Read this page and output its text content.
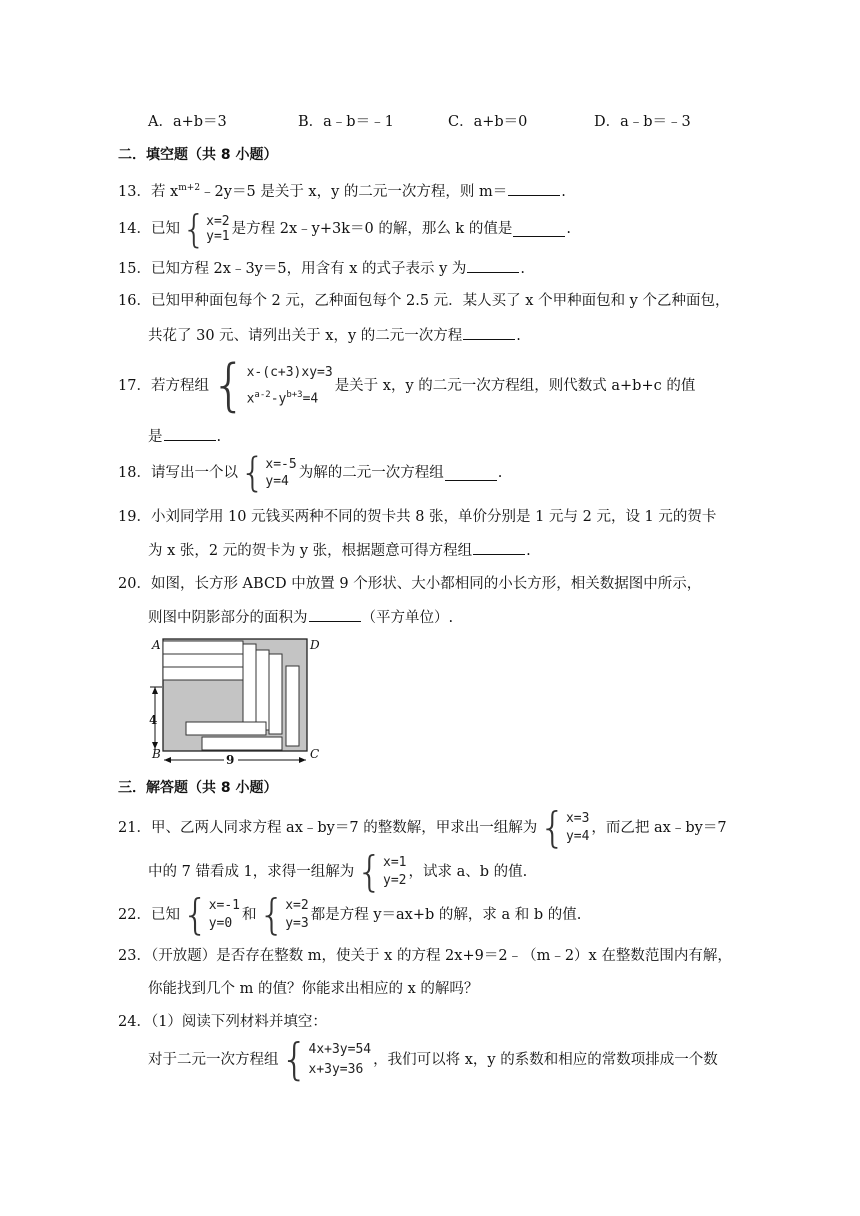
A．a+b＝3	B．a﹣b＝﹣1	C．a+b＝0	D．a﹣b＝﹣3
二．填空题（共 8 小题）
13．若 $x^{m+2}﹣2y=5$ 是关于 x，y 的二元一次方程，则 m＝	.
14．已知 { x=2
y=1 是方程 2x﹣y+3k＝0 的解，那么 k 的值是	.
15．已知方程 2x﹣3y＝5，用含有 x 的式子表示 y 为	.
16．已知甲种面包每个 2 元，乙种面包每个 2.5 元．某人买了 x 个甲种面包和 y 个乙种面包，
共花了 30 元、请列出关于 x，y 的二元一次方程	.
17．若方程组 { x-(c+3)xy=3
$x^{a-2}-y^{b+3}=4$
是关于 x，y 的二元一次方程组，则代数式 a+b+c 的值
是	.
18．请写出一个以 { x=-5
y=4
为解的二元一次方程组	.
19．小刘同学用 10 元钱买两种不同的贺卡共 8 张，单价分别是 1 元与 2 元，设 1 元的贺卡
为 x 张，2 元的贺卡为 y 张，根据题意可得方程组	.
20．如图，长方形 ABCD 中放置 9 个形状、大小都相同的小长方形，相关数据图中所示，
则图中阴影部分的面积为	（平方单位）.
4
9
A	D
B	C
三．解答题（共 8 小题）
21．甲、乙两人同求方程 ax﹣by＝7 的整数解，甲求出一组解为 { x=3
y=4
，而乙把 ax﹣by＝7
中的 7 错看成 1，求得一组解为 { x=1
y=2
，试求 a、b 的值.
22．已知 { x=-1
y=0
和 { x=2
y=3
都是方程 y＝ax+b 的解，求 a 和 b 的值.
23．（开放题）是否存在整数 m，使关于 x 的方程 2x+9＝2﹣（m﹣2）x 在整数范围内有解，
你能找到几个 m 的值？你能求出相应的 x 的解吗？
24．（1）阅读下列材料并填空：
对于二元一次方程组 { 4x+3y=54
x+3y=36
，我们可以将 x，y 的系数和相应的常数项排成一个数
